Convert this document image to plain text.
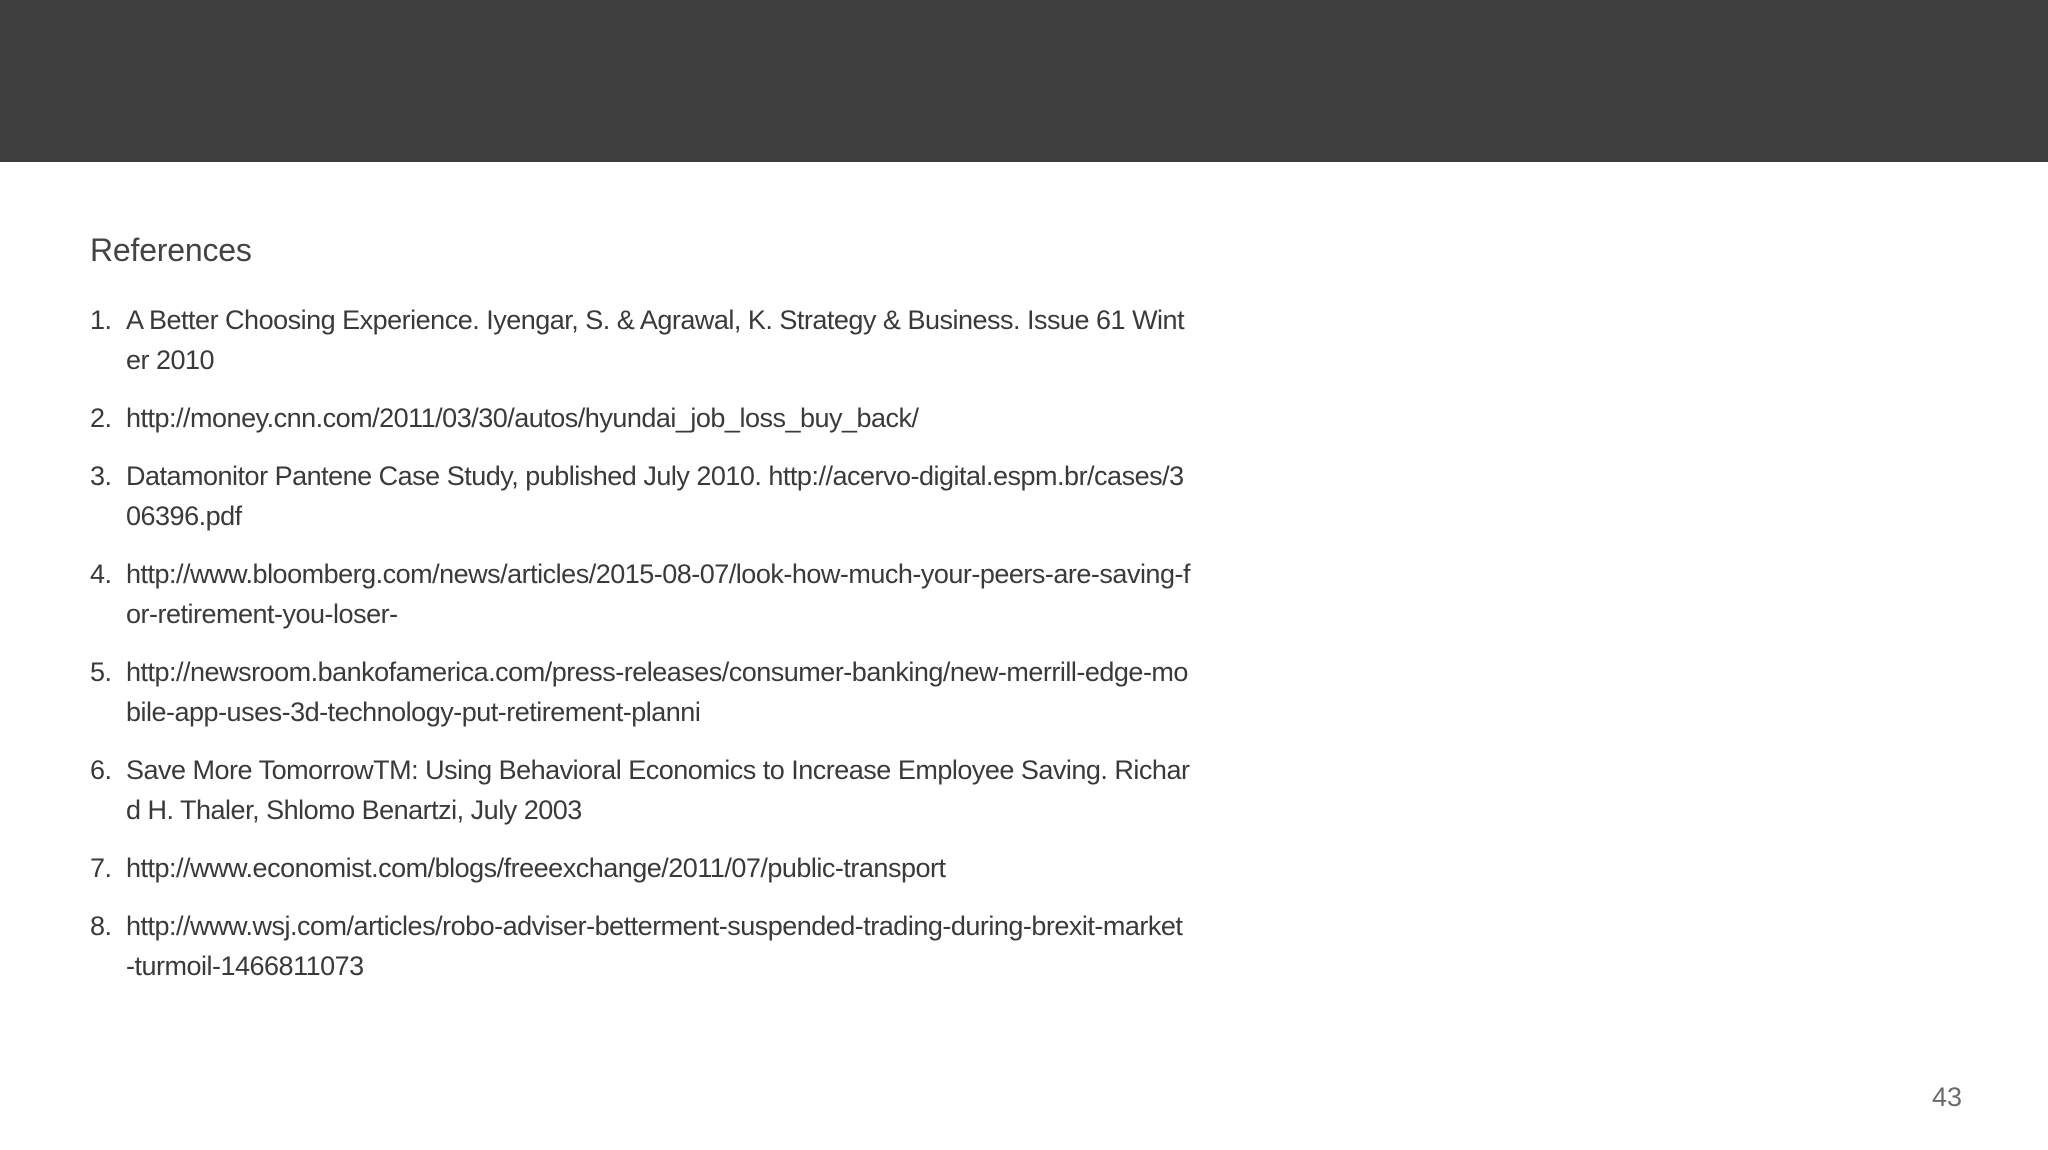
References
1. A Better Choosing Experience. Iyengar, S. & Agrawal, K. Strategy & Business. Issue 61 Winter 2010
2. http://money.cnn.com/2011/03/30/autos/hyundai_job_loss_buy_back/
3. Datamonitor Pantene Case Study, published July 2010. http://acervo-digital.espm.br/cases/306396.pdf
4. http://www.bloomberg.com/news/articles/2015-08-07/look-how-much-your-peers-are-saving-for-retirement-you-loser-
5. http://newsroom.bankofamerica.com/press-releases/consumer-banking/new-merrill-edge-mobile-app-uses-3d-technology-put-retirement-planni
6. Save More TomorrowTM: Using Behavioral Economics to Increase Employee Saving. Richard H. Thaler, Shlomo Benartzi, July 2003
7. http://www.economist.com/blogs/freeexchange/2011/07/public-transport
8. http://www.wsj.com/articles/robo-adviser-betterment-suspended-trading-during-brexit-market-turmoil-1466811073
43
